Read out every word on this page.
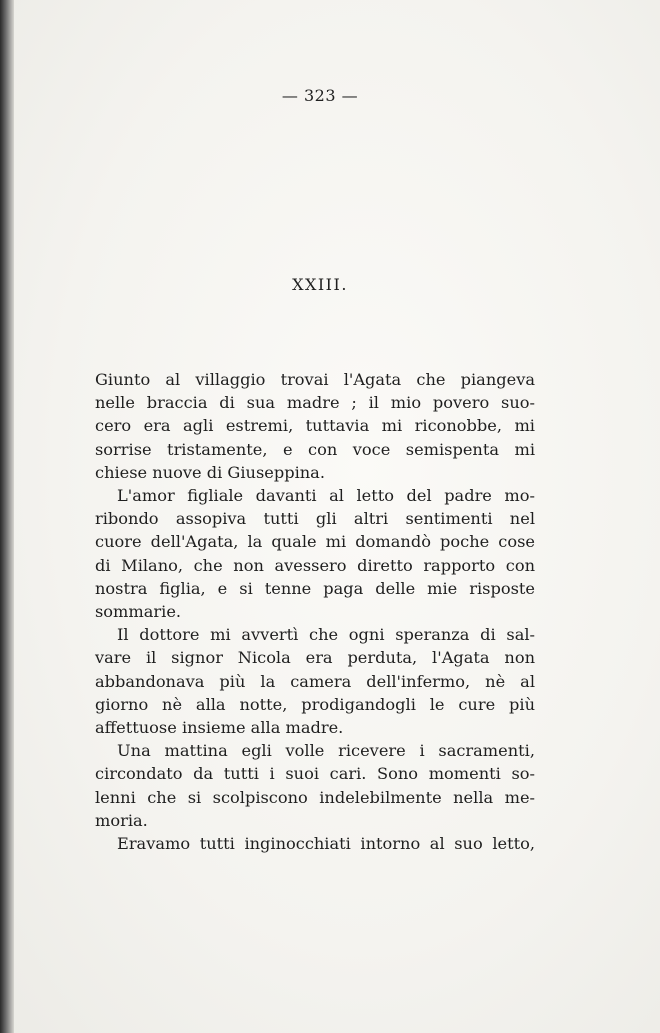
— 323 —
XXIII.
Giunto al villaggio trovai l'Agata che piangeva
nelle braccia di sua madre ; il mio povero suo-
cero era agli estremi, tuttavia mi riconobbe, mi
sorrise tristamente, e con voce semispenta mi
chiese nuove di Giuseppina.
L'amor figliale davanti al letto del padre mo-
ribondo assopiva tutti gli altri sentimenti nel
cuore dell'Agata, la quale mi domandò poche cose
di Milano, che non avessero diretto rapporto con
nostra figlia, e si tenne paga delle mie risposte
sommarie.
Il dottore mi avvertì che ogni speranza di sal-
vare il signor Nicola era perduta, l'Agata non
abbandonava più la camera dell'infermo, nè al
giorno nè alla notte, prodigandogli le cure più
affettuose insieme alla madre.
Una mattina egli volle ricevere i sacramenti,
circondato da tutti i suoi cari. Sono momenti so-
lenni che si scolpiscono indelebilmente nella me-
moria.
Eravamo tutti inginocchiati intorno al suo letto,
